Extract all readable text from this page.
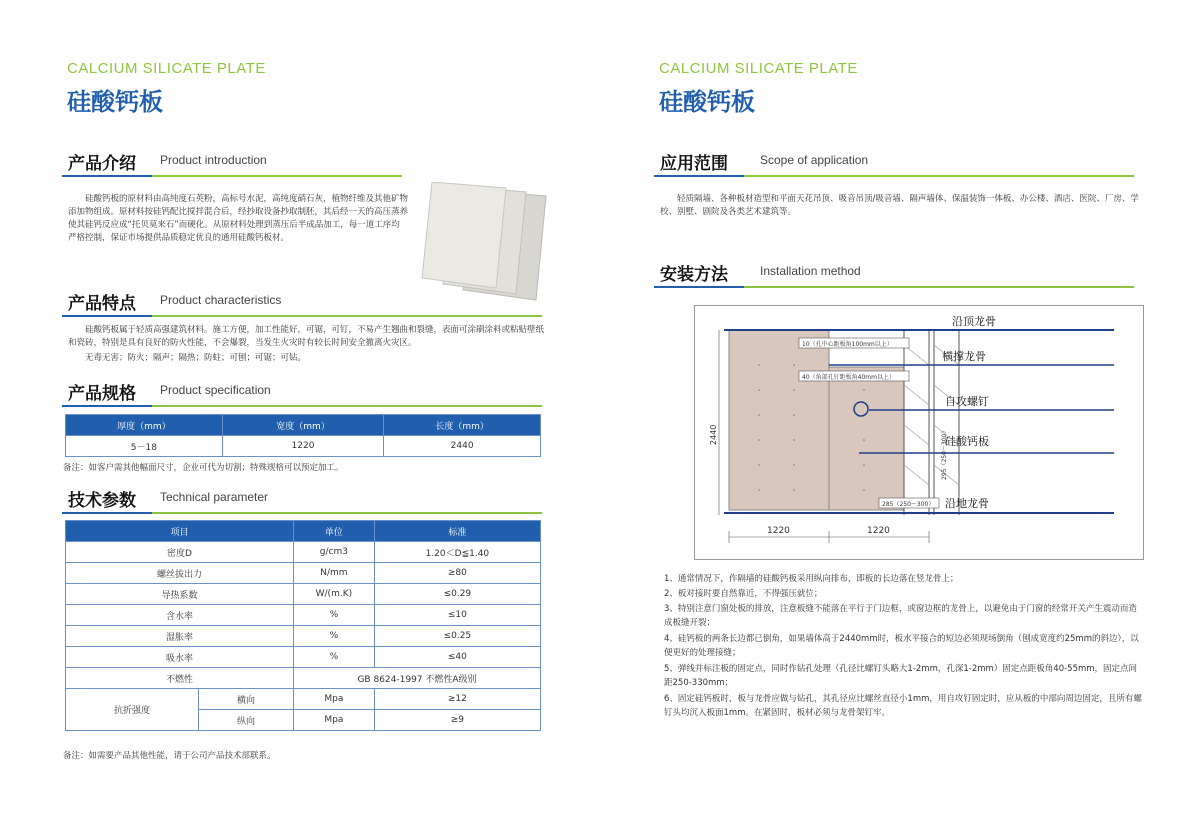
CALCIUM SILICATE PLATE
硅酸钙板
产品介绍 Product introduction
硅酸钙板的原材料由高纯度石英粉，高标号水泥，高纯度硝石灰，植物纤维及其他矿物添加物组成。原材料按硅钙配比搅拌混合后，经抄取设备抄取制胚，其后经一天的高压蒸养使其硅钙反应成“托贝莫来石”而硬化。从原材料处理到蒸压后半成品加工，每一道工序均严格控制，保证市场提供品质稳定优良的通用硅酸钙板材。
产品特点 Product characteristics
硅酸钙板属于轻质高强建筑材料。施工方便，加工性能好，可锯，可钉，不易产生翘曲和裂缝，表面可涂刷涂料或粘贴壁纸和瓷砖，特别是具有良好的防火性能，不会爆裂，当发生火灾时有较长时间安全撤离火灾区。
无毒无害；防火；隔声；隔热；防蛀；可刨；可锯；可钻。
产品规格 Product specification
厚度（mm）	宽度（mm）	长度（mm）
5－18	1220	2440
备注：如客户需其他幅面尺寸，企业可代为切割；特殊规格可以预定加工。
技术参数 Technical parameter
项目		单位	标准
密度D		g/cm3	1.20＜D≦1.40
螺丝拔出力		N/mm	≥80
导热系数		W/(m.K)	≤0.29
含水率		%	≤10
湿胀率		%	≤0.25
吸水率		%	≤40
不燃性		GB 8624-1997 不燃性A级别	
抗折强度	横向	Mpa	≥12
	纵向	Mpa	≥9
备注：如需要产品其他性能，请于公司产品技术部联系。
CALCIUM SILICATE PLATE
硅酸钙板
应用范围	Scope of application
轻质隔墙、各种板材造型和平面天花吊顶、吸音吊顶/吸音墙、隔声墙体、保温装饰一体板、办公楼、酒店、医院、厂房、学校、别墅、剧院及各类艺术建筑等。
安装方法	Installation method
10（孔中心距板角100mm以上）
40（角部孔钉距板角40mm以上）
285（250～300）
295（250～300）
2440
1220	1220
沿顶龙骨
横撑龙骨
自攻螺钉
硅酸钙板
沿地龙骨
1、通常情况下，作隔墙的硅酸钙板采用纵向排布，即板的长边落在竖龙骨上；
2、板对接时要自然靠近，不得强压就位；
3、特别注意门窗处板的排放，注意板缝不能落在平行于门边框，或窗边框的龙骨上，以避免由于门窗的经常开关产生震动而造成板缝开裂；
4、硅钙板的两条长边都已倒角，如果墙体高于2440mm时，板水平接合的短边必须现场倒角（刨成宽度约25mm的斜边），以便更好的处理接缝；
5、弹线并标注板的固定点，同时作钻孔处理（孔径比螺钉头略大1-2mm，孔深1-2mm）固定点距板角40-55mm，固定点间距250-330mm；
6、固定硅钙板时，板与龙骨应做与钻孔，其孔径应比螺丝直径小1mm，用自攻钉固定时，应从板的中部向周边固定，且所有螺钉头均沉入板面1mm。在紧固时，板材必须与龙骨架钉牢。
